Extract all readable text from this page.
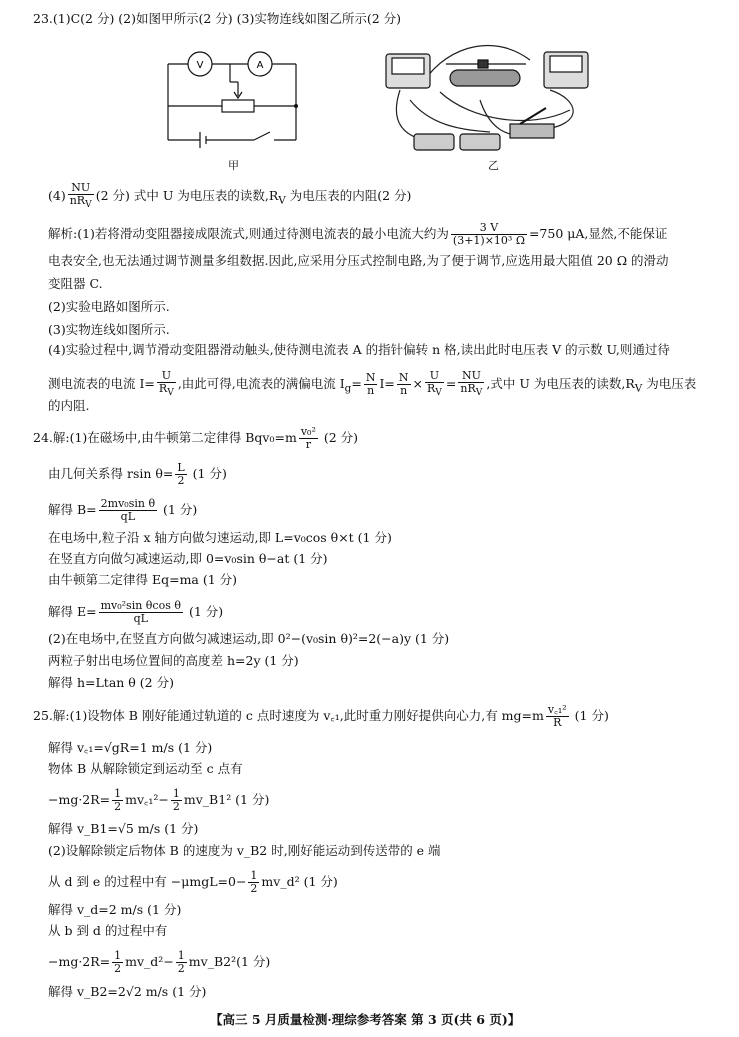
23.(1)C(2 分) (2)如图甲所示(2 分) (3)实物连线如图乙所示(2 分)
V	A
甲	乙
$(4) \frac{NU}{nR_V} (2$ 分) 式中 U 为电压表的读数$,R_V$ 为电压表的内阻(2 分)
解析:(1)若将滑动变阻器接成限流式,则通过待测电流表的最小电流大约为 $\frac{3 V}{\text{(3+1)×10³ Ω}} =750$ μA,显然,不能保证
电表安全,也无法通过调节测量多组数据.因此,应采用分压式控制电路,为了便于调节,应选用最大阻值 20 Ω 的滑动
变阻器 C.
(2)实验电路如图所示.
(3)实物连线如图所示.
(4)实验过程中,调节滑动变阻器滑动触头,使待测电流表 A 的指针偏转 n 格,读出此时电压表 V 的示数 U,则通过待
测电流表的电流 $I= \frac{U}{R_V}$ ,由此可得,电流表的满偏电流 $I_g= \frac{N}{n} I= \frac{N}{n} \times \frac{U}{R_V} = \frac{NU}{nR_V}$ ,式中 U 为电压表的读数$,R_V$ 为电压表
的内阻.
24.解:(1)在磁场中,由牛顿第二定律得 $Bqv_0=m \frac{\text{v₀²}}{r} (2$ 分)
由几何关系得 rsin $\theta= \frac{L}{2} (1$ 分)
解得 $B= \frac{\text{2mv₀sin θ}}{qL} (1$ 分)
在电场中,粒子沿 x 轴方向做匀速运动,即 L=v₀cos θ×t (1 分)
在竖直方向做匀减速运动,即 0=v₀sin θ−at (1 分)
由牛顿第二定律得 Eq=ma (1 分)
解得 $E= \frac{\text{mv₀²sin θcos θ}}{qL} (1$ 分)
(2)在电场中,在竖直方向做匀减速运动,即 0²−(v₀sin θ)²=2(−a)y (1 分)
两粒子射出电场位置间的高度差 h=2y (1 分)
解得 h=Ltan θ (2 分)
25.解:(1)设物体 B 刚好能通过轨道的 c 点时速度为 v꜀₁,此时重力刚好提供向心力,有 $mg=m \frac{\text{v꜀₁²}}{R} (1$ 分)
解得 v꜀₁=√gR=1 m/s (1 分)
物体 B 从解除锁定到运动至 c 点有
$-mg\cdot 2R= \frac{1}{2}$ mv꜀₁²− $\frac{1}{2}$ mv_B1² (1 分)
解得 v_B1=√5 m/s (1 分)
(2)设解除锁定后物体 B 的速度为 v_B2 时,刚好能运动到传送带的 e 端
从 d 到 e 的过程中有 $-\mu mgL=0- \frac{1}{2}$ mv_d² (1 分)
解得 v_d=2 m/s (1 分)
从 b 到 d 的过程中有
$-mg\cdot 2R= \frac{1}{2}$ mv_d²− $\frac{1}{2}$ mv_B2²(1 分)
解得 v_B2=2√2 m/s (1 分)
【高三 5 月质量检测·理综参考答案 第 3 页(共 6 页)】
